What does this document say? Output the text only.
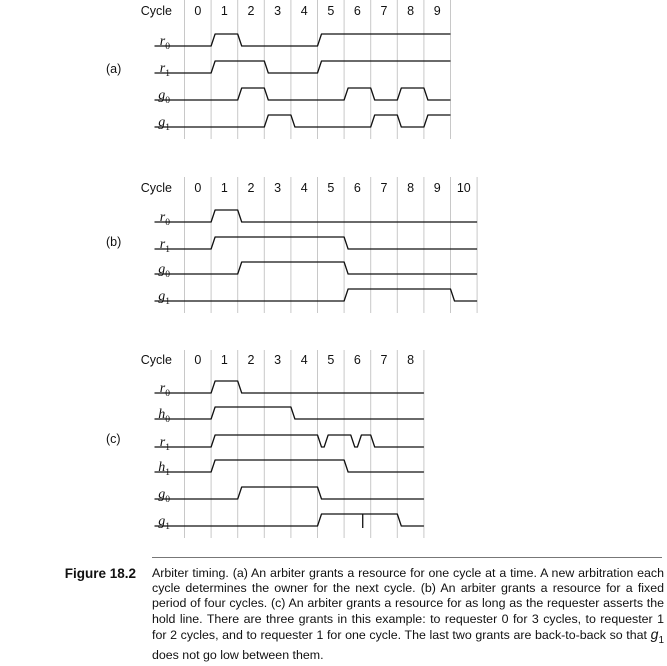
Cycle 0 1 2 3 4 5 6 7 8 9
(a)
$r_0$
$r_1$
$g_0$
$g_1$
Cycle 0 1 2 3 4 5 6 7 8 9 10
(b)
$r_0$
$r_1$
$g_0$
$g_1$
Cycle 0 1 2 3 4 5 6 7 8
(c)
$r_0$
$h_0$
$r_1$
$h_1$
$g_0$
$g_1$
Figure 18.2 Arbiter timing. (a) An arbiter grants a resource for one cycle at a time. A new arbitration each cycle determines the owner for the next cycle. (b) An arbiter grants a resource for a fixed period of four cycles. (c) An arbiter grants a resource for as long as the requester asserts the hold line. There are three grants in this example: to requester 0 for 3 cycles, to requester 1 for 2 cycles, and to requester 1 for one cycle. The last two grants are back-to-back so that $g_1$ does not go low between them.
